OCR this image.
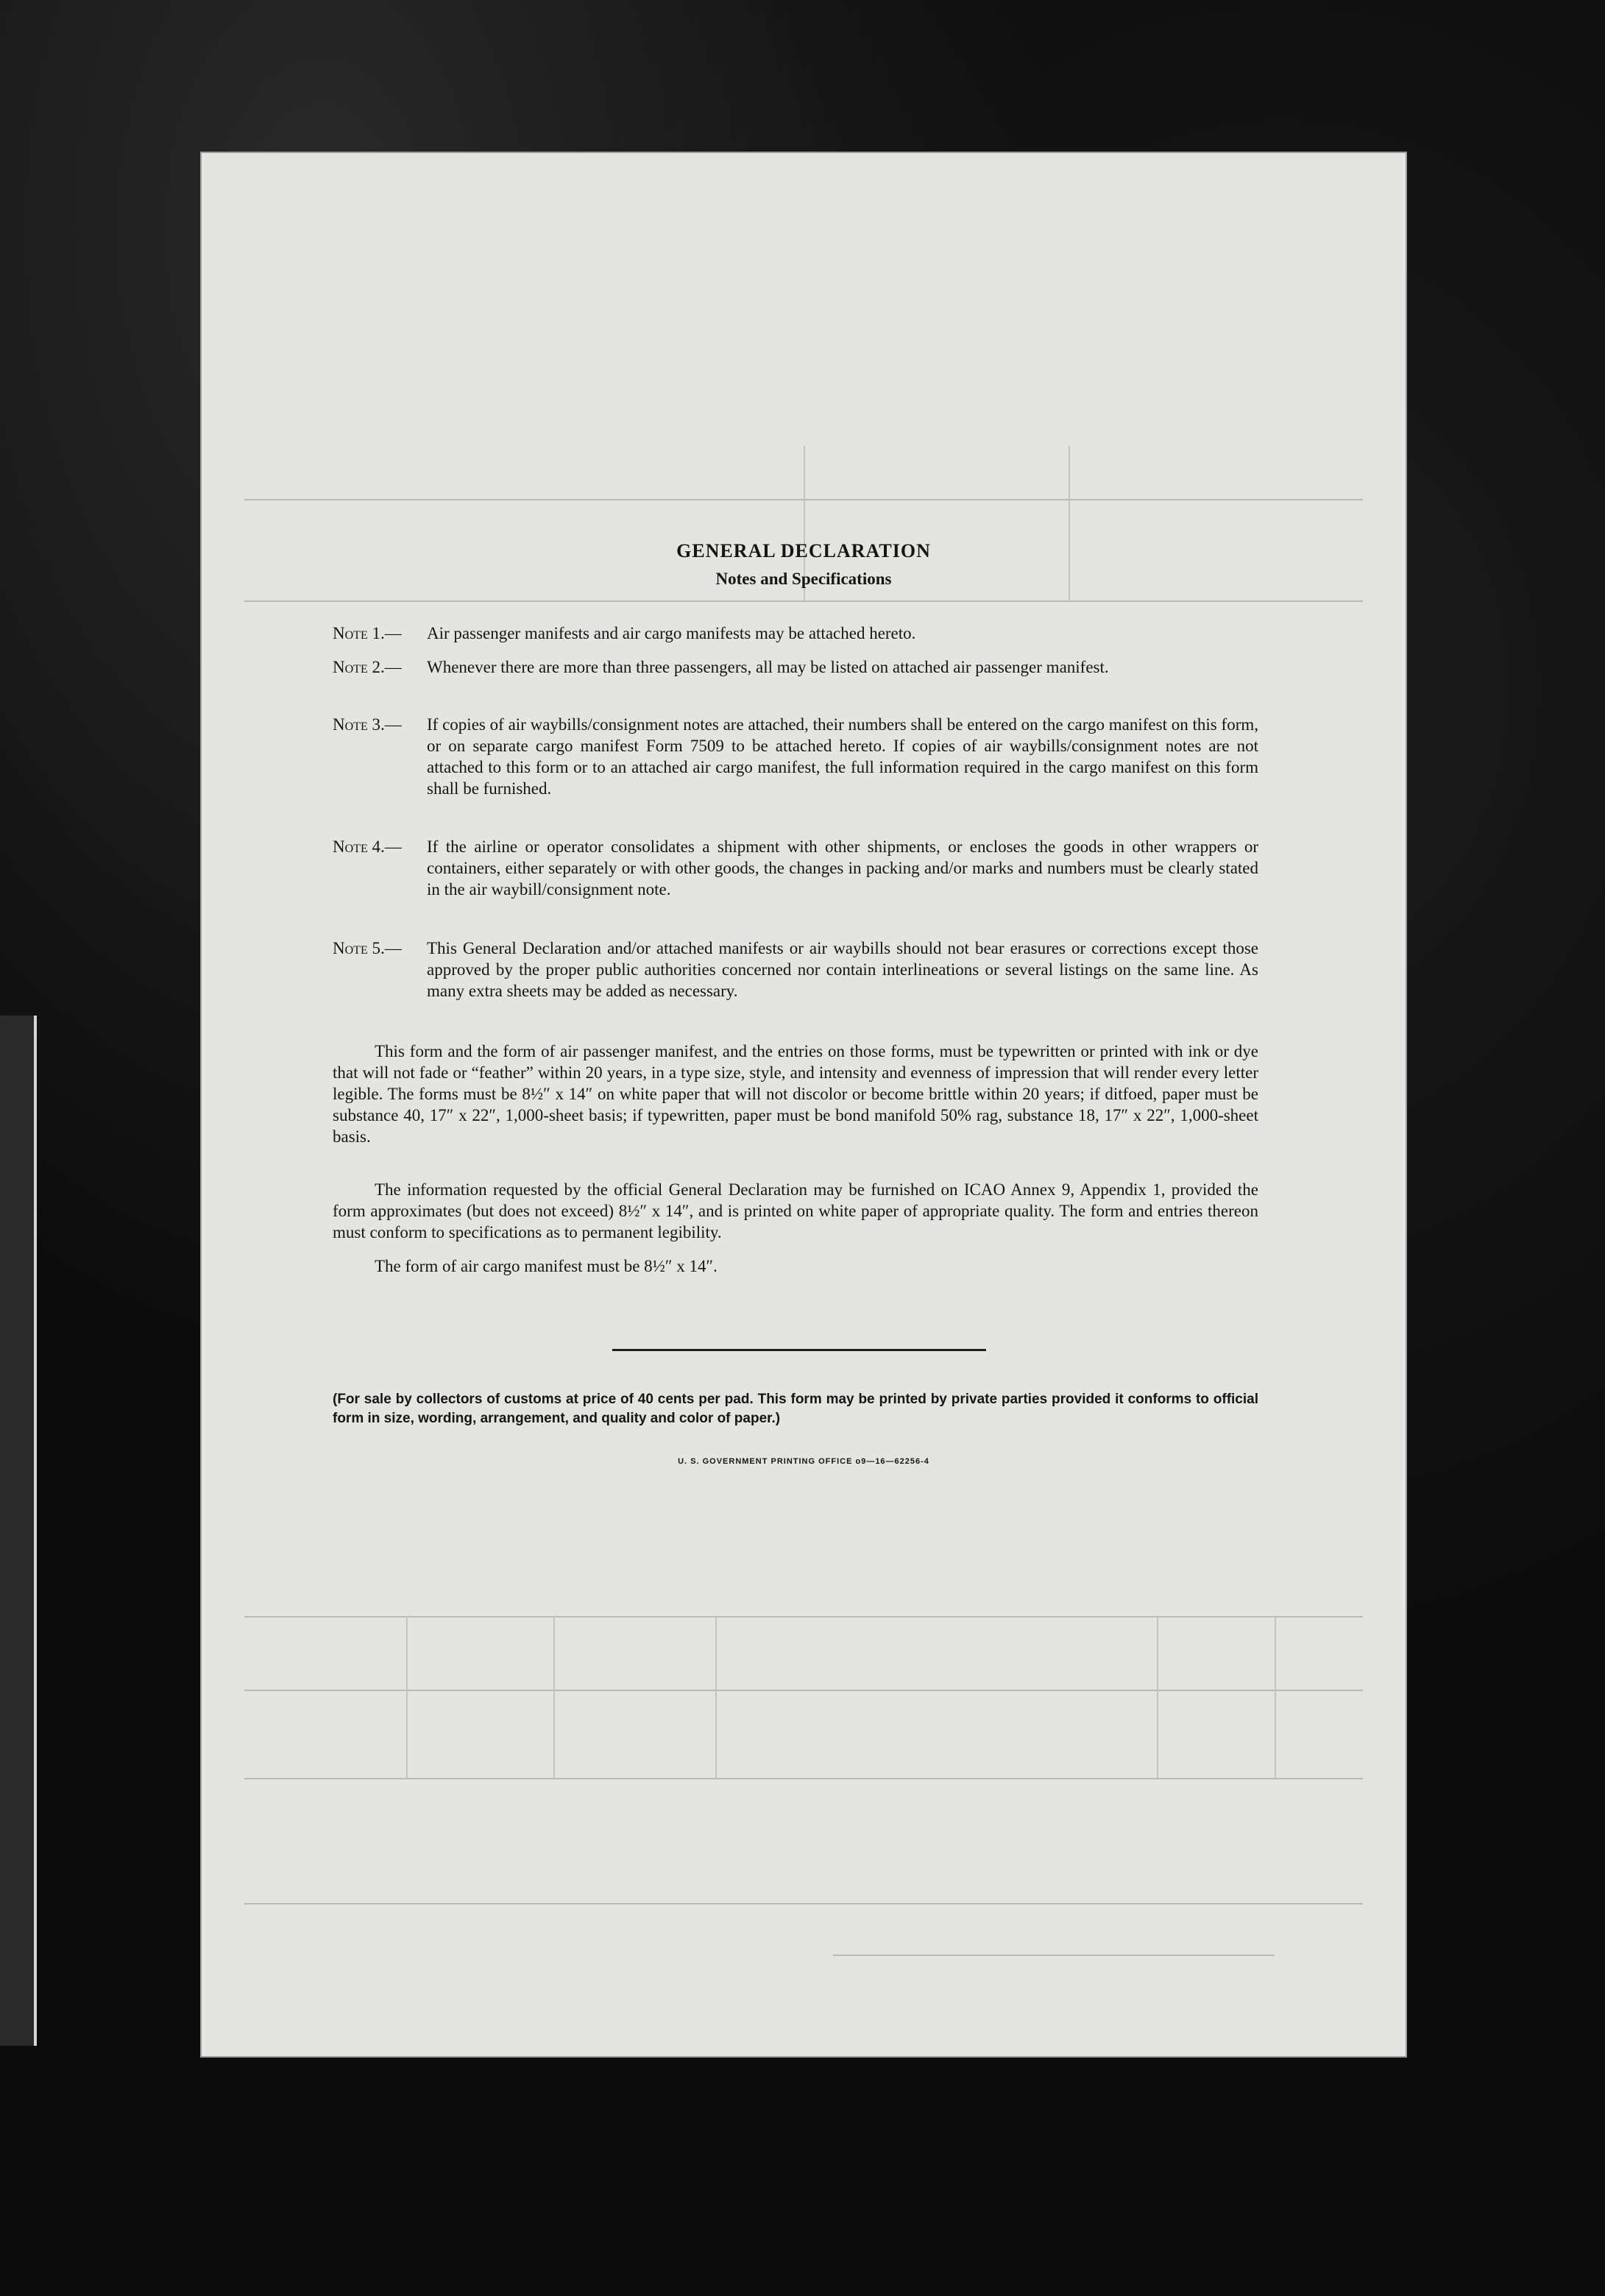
GENERAL DECLARATION
Notes and Specifications
Note 1.—	Air passenger manifests and air cargo manifests may be attached hereto.
Note 2.—	Whenever there are more than three passengers, all may be listed on attached air passenger manifest.
Note 3.—	If copies of air waybills/consignment notes are attached, their numbers shall be entered on the cargo manifest on this form, or on separate cargo manifest Form 7509 to be attached hereto. If copies of air waybills/consignment notes are not attached to this form or to an attached air cargo manifest, the full information required in the cargo manifest on this form shall be furnished.
Note 4.—	If the airline or operator consolidates a shipment with other shipments, or encloses the goods in other wrappers or containers, either separately or with other goods, the changes in packing and/or marks and numbers must be clearly stated in the air waybill/consignment note.
Note 5.—	This General Declaration and/or attached manifests or air waybills should not bear erasures or corrections except those approved by the proper public authorities concerned nor contain interlineations or several listings on the same line. As many extra sheets may be added as necessary.
This form and the form of air passenger manifest, and the entries on those forms, must be typewritten or printed with ink or dye that will not fade or “feather” within 20 years, in a type size, style, and intensity and evenness of impression that will render every letter legible. The forms must be 8½″ x 14″ on white paper that will not discolor or become brittle within 20 years; if ditfoed, paper must be substance 40, 17″ x 22″, 1,000-sheet basis; if typewritten, paper must be bond manifold 50% rag, substance 18, 17″ x 22″, 1,000-sheet basis.
The information requested by the official General Declaration may be furnished on ICAO Annex 9, Appendix 1, provided the form approximates (but does not exceed) 8½″ x 14″, and is printed on white paper of appropriate quality. The form and entries thereon must conform to specifications as to permanent legibility.
The form of air cargo manifest must be 8½″ x 14″.
(For sale by collectors of customs at price of 40 cents per pad. This form may be printed by private parties provided it conforms to official form in size, wording, arrangement, and quality and color of paper.)
U. S. GOVERNMENT PRINTING OFFICE o9—16—62256-4
